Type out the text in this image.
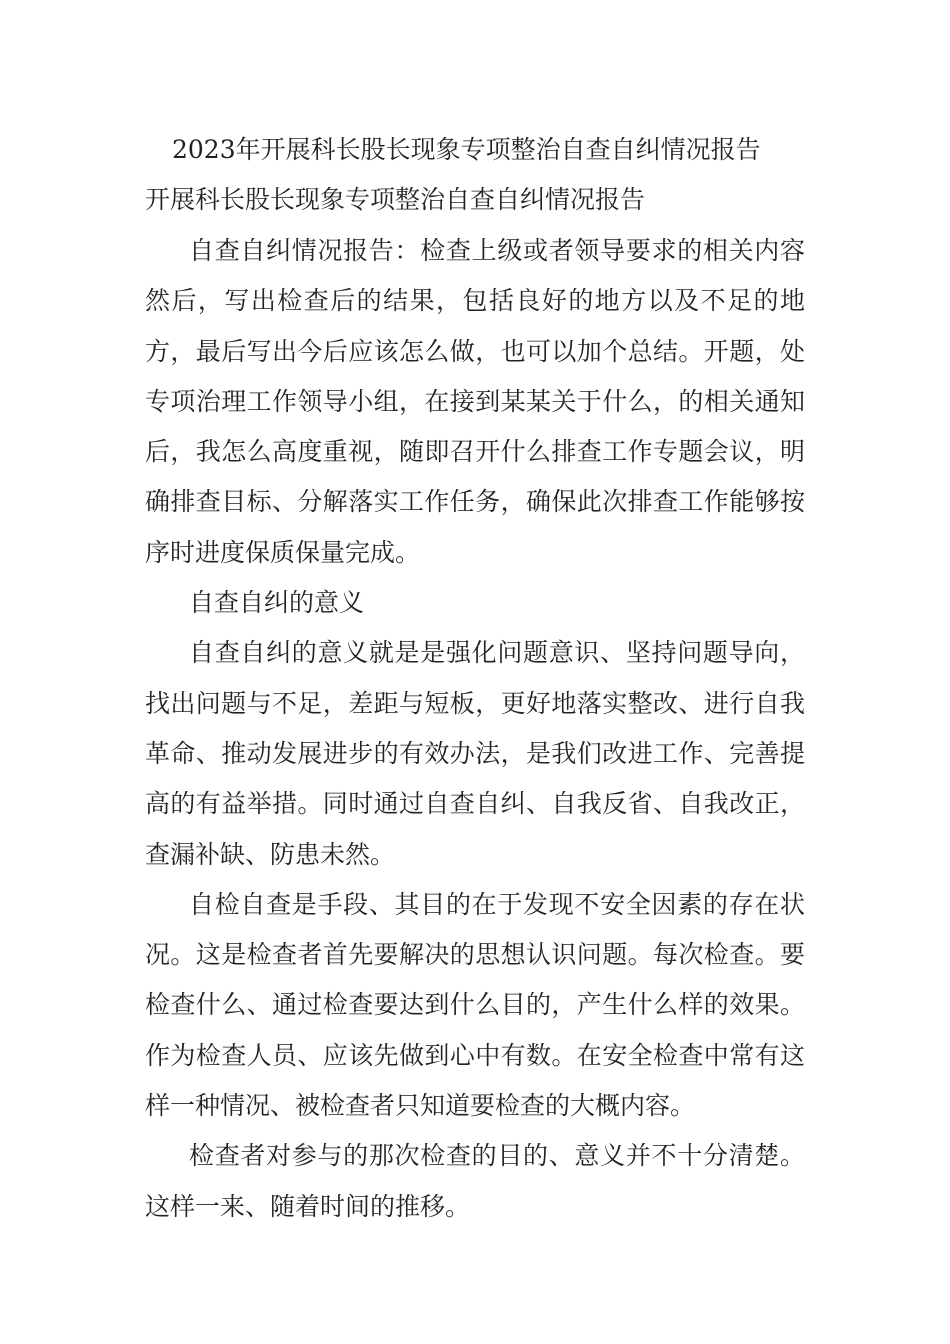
2023年开展科长股长现象专项整治自查自纠情况报告
开展科长股长现象专项整治自查自纠情况报告

自查自纠情况报告：检查上级或者领导要求的相关内容然后，写出检查后的结果，包括良好的地方以及不足的地方，最后写出今后应该怎么做，也可以加个总结。开题，处专项治理工作领导小组，在接到某某关于什么，的相关通知后，我怎么高度重视，随即召开什么排查工作专题会议，明确排查目标、分解落实工作任务，确保此次排查工作能够按序时进度保质保量完成。

自查自纠的意义

自查自纠的意义就是是强化问题意识、坚持问题导向，找出问题与不足，差距与短板，更好地落实整改、进行自我革命、推动发展进步的有效办法，是我们改进工作、完善提高的有益举措。同时通过自查自纠、自我反省、自我改正，查漏补缺、防患未然。

自检自查是手段、其目的在于发现不安全因素的存在状况。这是检查者首先要解决的思想认识问题。每次检查。要检查什么、通过检查要达到什么目的，产生什么样的效果。作为检查人员、应该先做到心中有数。在安全检查中常有这样一种情况、被检查者只知道要检查的大概内容。

检查者对参与的那次检查的目的、意义并不十分清楚。这样一来、随着时间的推移。
